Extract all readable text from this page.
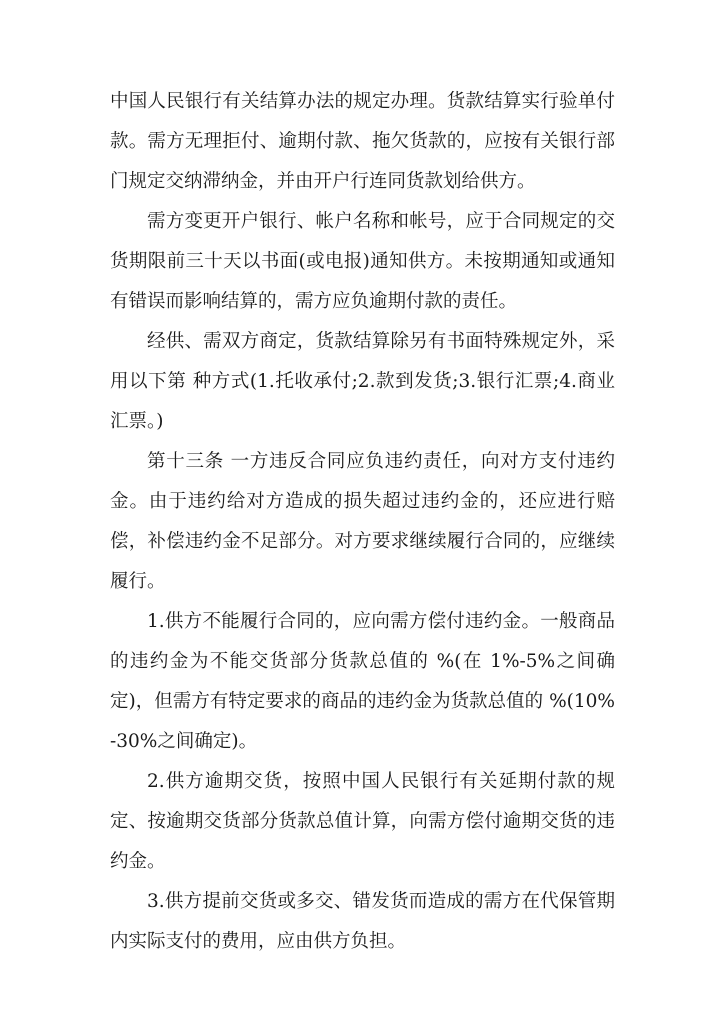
中国人民银行有关结算办法的规定办理。货款结算实行验单付款。需方无理拒付、逾期付款、拖欠货款的，应按有关银行部门规定交纳滞纳金，并由开户行连同货款划给供方。

需方变更开户银行、帐户名称和帐号，应于合同规定的交货期限前三十天以书面(或电报)通知供方。未按期通知或通知有错误而影响结算的，需方应负逾期付款的责任。

经供、需双方商定，货款结算除另有书面特殊规定外，采用以下第 种方式(1.托收承付;2.款到发货;3.银行汇票;4.商业汇票。)

第十三条 一方违反合同应负违约责任，向对方支付违约金。由于违约给对方造成的损失超过违约金的，还应进行赔偿，补偿违约金不足部分。对方要求继续履行合同的，应继续履行。

1.供方不能履行合同的，应向需方偿付违约金。一般商品的违约金为不能交货部分货款总值的 %(在 1%-5%之间确定)，但需方有特定要求的商品的违约金为货款总值的 %(10%-30%之间确定)。

2.供方逾期交货，按照中国人民银行有关延期付款的规定、按逾期交货部分货款总值计算，向需方偿付逾期交货的违约金。

3.供方提前交货或多交、错发货而造成的需方在代保管期内实际支付的费用，应由供方负担。
